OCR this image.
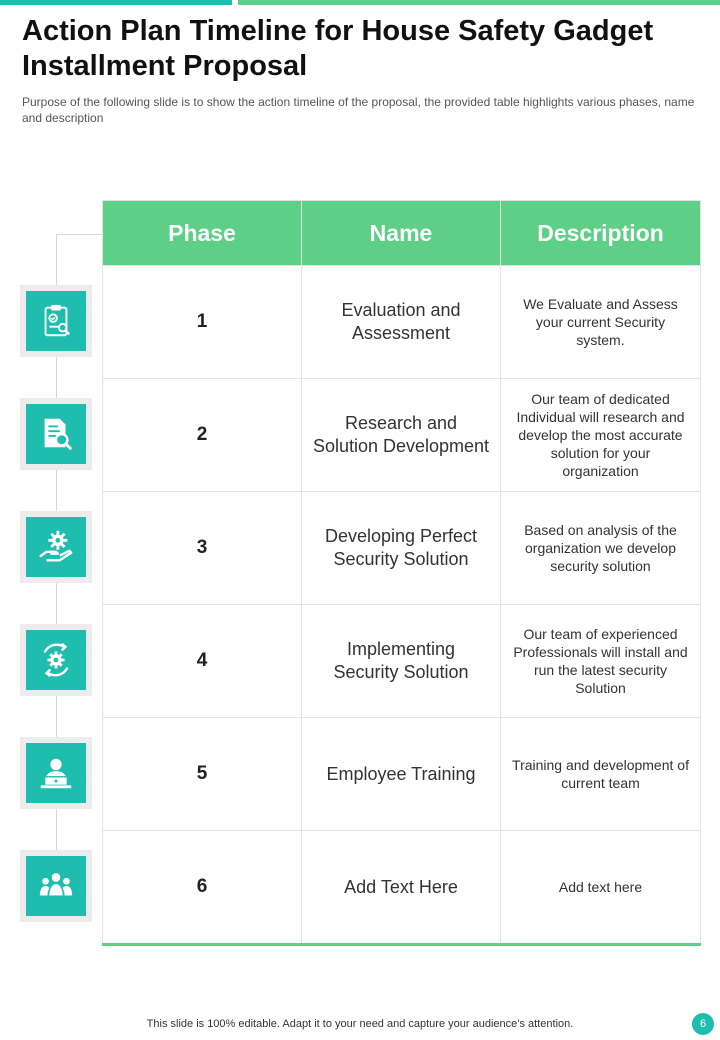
Action Plan Timeline for House Safety Gadget Installment Proposal

Purpose of the following slide is to show the action timeline of the proposal, the provided table highlights various phases, name and description

Phase	Name	Description
1	Evaluation and Assessment	We Evaluate and Assess your current Security system.
2	Research and Solution Development	Our team of dedicated Individual will research and develop the most accurate solution for your organization
3	Developing Perfect Security Solution	Based on analysis of the organization we develop security solution
4	Implementing Security Solution	Our team of experienced Professionals will install and run the latest security Solution
5	Employee Training	Training and development of current team
6	Add Text Here	Add text here
This slide is 100% editable. Adapt it to your need and capture your audience’s attention.	6
